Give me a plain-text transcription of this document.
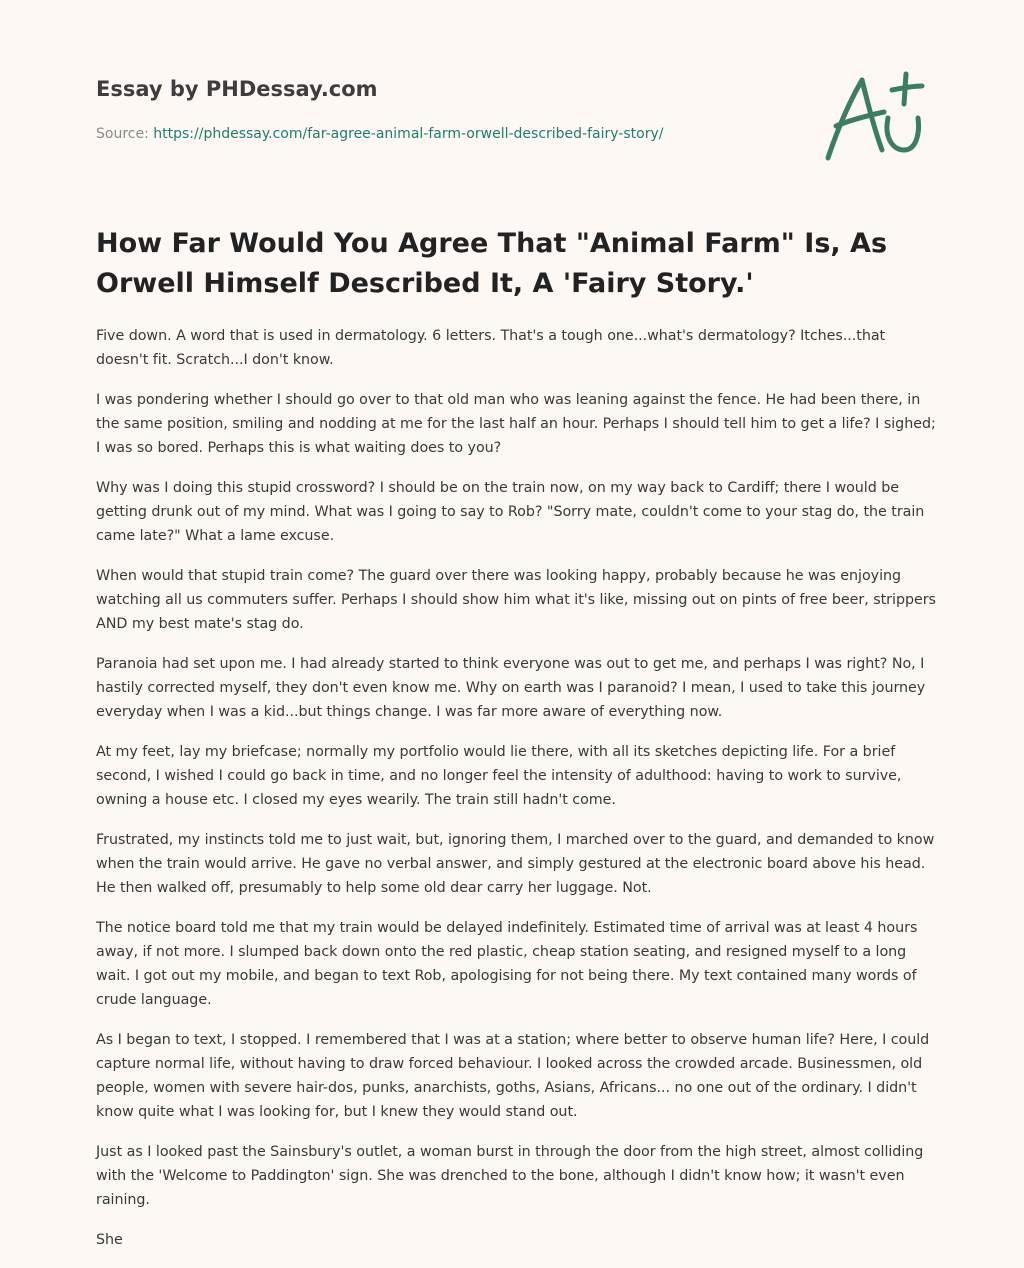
Essay by PHDessay.com
Source: https://phdessay.com/far-agree-animal-farm-orwell-described-fairy-story/
How Far Would You Agree That "Animal Farm" Is, As Orwell Himself Described It, A 'Fairy Story.'

Five down. A word that is used in dermatology. 6 letters. That's a tough one...what's dermatology? Itches...that doesn't fit. Scratch...I don't know.

I was pondering whether I should go over to that old man who was leaning against the fence. He had been there, in the same position, smiling and nodding at me for the last half an hour. Perhaps I should tell him to get a life? I sighed; I was so bored. Perhaps this is what waiting does to you?

Why was I doing this stupid crossword? I should be on the train now, on my way back to Cardiff; there I would be getting drunk out of my mind. What was I going to say to Rob? "Sorry mate, couldn't come to your stag do, the train came late?" What a lame excuse.

When would that stupid train come? The guard over there was looking happy, probably because he was enjoying watching all us commuters suffer. Perhaps I should show him what it's like, missing out on pints of free beer, strippers AND my best mate's stag do.

Paranoia had set upon me. I had already started to think everyone was out to get me, and perhaps I was right? No, I hastily corrected myself, they don't even know me. Why on earth was I paranoid? I mean, I used to take this journey everyday when I was a kid...but things change. I was far more aware of everything now.

At my feet, lay my briefcase; normally my portfolio would lie there, with all its sketches depicting life. For a brief second, I wished I could go back in time, and no longer feel the intensity of adulthood: having to work to survive, owning a house etc. I closed my eyes wearily. The train still hadn't come.

Frustrated, my instincts told me to just wait, but, ignoring them, I marched over to the guard, and demanded to know when the train would arrive. He gave no verbal answer, and simply gestured at the electronic board above his head. He then walked off, presumably to help some old dear carry her luggage. Not.

The notice board told me that my train would be delayed indefinitely. Estimated time of arrival was at least 4 hours away, if not more. I slumped back down onto the red plastic, cheap station seating, and resigned myself to a long wait. I got out my mobile, and began to text Rob, apologising for not being there. My text contained many words of crude language.

As I began to text, I stopped. I remembered that I was at a station; where better to observe human life? Here, I could capture normal life, without having to draw forced behaviour. I looked across the crowded arcade. Businessmen, old people, women with severe hair-dos, punks, anarchists, goths, Asians, Africans... no one out of the ordinary. I didn't know quite what I was looking for, but I knew they would stand out.

Just as I looked past the Sainsbury's outlet, a woman burst in through the door from the high street, almost colliding with the 'Welcome to Paddington' sign. She was drenched to the bone, although I didn't know how; it wasn't even raining.

She
